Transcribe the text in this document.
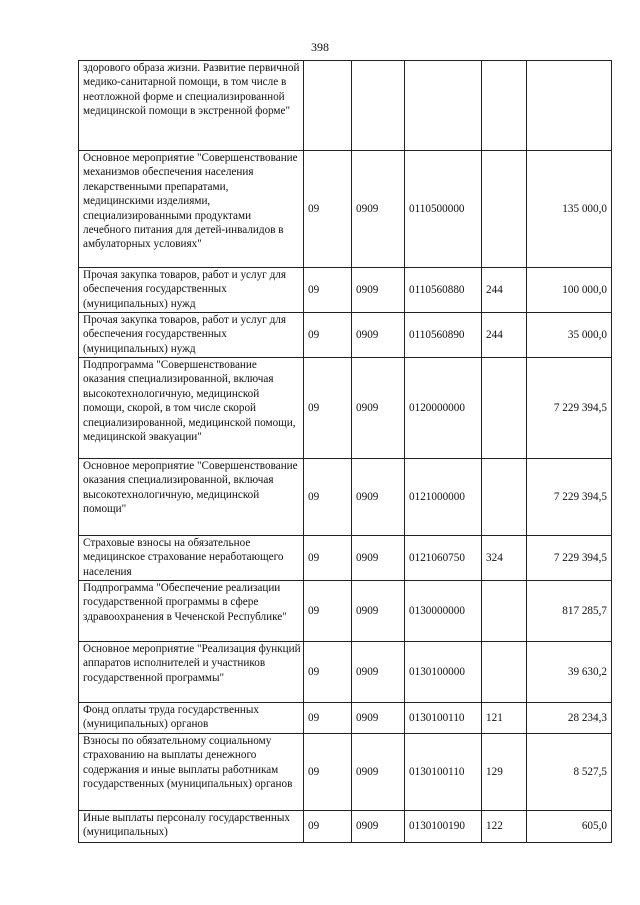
398
здорового образа жизни. Развитие первичной медико-санитарной помощи, в том числе в неотложной форме и специализированной медицинской помощи в экстренной форме"					
Основное мероприятие "Совершенствование механизмов обеспечения населения лекарственными препаратами, медицинскими изделиями, специализированными продуктами лечебного питания для детей-инвалидов в амбулаторных условиях"	09	0909	0110500000		135 000,0
Прочая закупка товаров, работ и услуг для обеспечения государственных (муниципальных) нужд	09	0909	0110560880	244	100 000,0
Прочая закупка товаров, работ и услуг для обеспечения государственных (муниципальных) нужд	09	0909	0110560890	244	35 000,0
Подпрограмма "Совершенствование оказания специализированной, включая высокотехнологичную, медицинской помощи, скорой, в том числе скорой специализированной, медицинской помощи, медицинской эвакуации"	09	0909	0120000000		7 229 394,5
Основное мероприятие "Совершенствование оказания специализированной, включая высокотехнологичную, медицинской помощи"	09	0909	0121000000		7 229 394,5
Страховые взносы на обязательное медицинское страхование неработающего населения	09	0909	0121060750	324	7 229 394,5
Подпрограмма "Обеспечение реализации государственной программы в сфере здравоохранения в Чеченской Республике"	09	0909	0130000000		817 285,7
Основное мероприятие "Реализация функций аппаратов исполнителей и участников государственной программы"	09	0909	0130100000		39 630,2
Фонд оплаты труда государственных (муниципальных) органов	09	0909	0130100110	121	28 234,3
Взносы по обязательному социальному страхованию на выплаты денежного содержания и иные выплаты работникам государственных (муниципальных) органов	09	0909	0130100110	129	8 527,5
Иные выплаты персоналу государственных (муниципальных)	09	0909	0130100190	122	605,0
